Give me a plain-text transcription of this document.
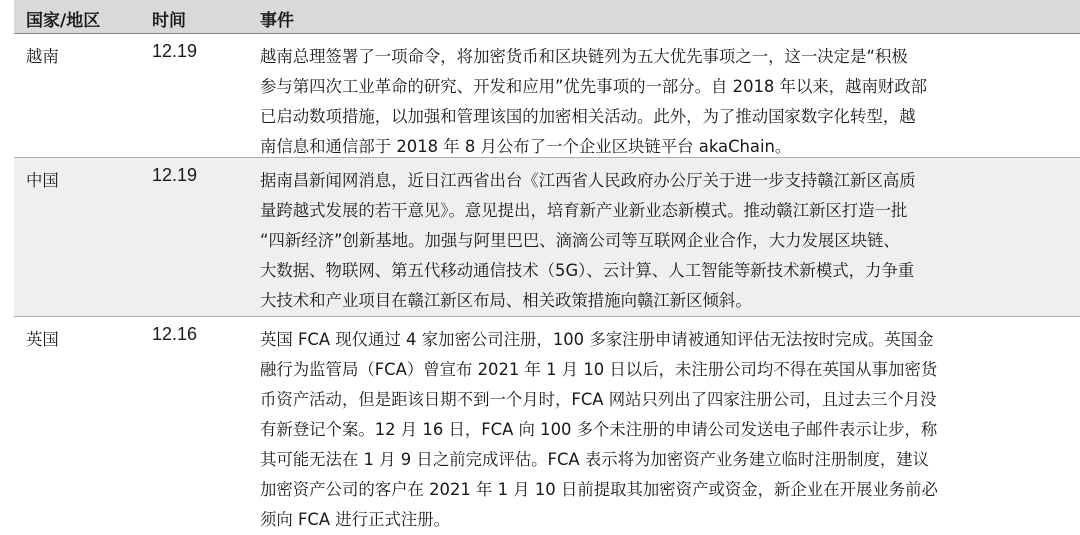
国家/地区	时间	事件
越南	12.19	越南总理签署了一项命令，将加密货币和区块链列为五大优先事项之一，这一决定是“积极
参与第四次工业革命的研究、开发和应用”优先事项的一部分。自 2018 年以来，越南财政部
已启动数项措施，以加强和管理该国的加密相关活动。此外，为了推动国家数字化转型，越
南信息和通信部于 2018 年 8 月公布了一个企业区块链平台 akaChain。

中国	12.19	据南昌新闻网消息，近日江西省出台《江西省人民政府办公厅关于进一步支持赣江新区高质
量跨越式发展的若干意见》。意见提出，培育新产业新业态新模式。推动赣江新区打造一批
“四新经济”创新基地。加强与阿里巴巴、滴滴公司等互联网企业合作，大力发展区块链、
大数据、物联网、第五代移动通信技术（5G）、云计算、人工智能等新技术新模式，力争重
大技术和产业项目在赣江新区布局、相关政策措施向赣江新区倾斜。

英国	12.16	英国 FCA 现仅通过 4 家加密公司注册，100 多家注册申请被通知评估无法按时完成。英国金
融行为监管局（FCA）曾宣布 2021 年 1 月 10 日以后，未注册公司均不得在英国从事加密货
币资产活动，但是距该日期不到一个月时，FCA 网站只列出了四家注册公司，且过去三个月没
有新登记个案。12 月 16 日，FCA 向 100 多个未注册的申请公司发送电子邮件表示让步，称
其可能无法在 1 月 9 日之前完成评估。FCA 表示将为加密资产业务建立临时注册制度，建议
加密资产公司的客户在 2021 年 1 月 10 日前提取其加密资产或资金，新企业在开展业务前必
须向 FCA 进行正式注册。
